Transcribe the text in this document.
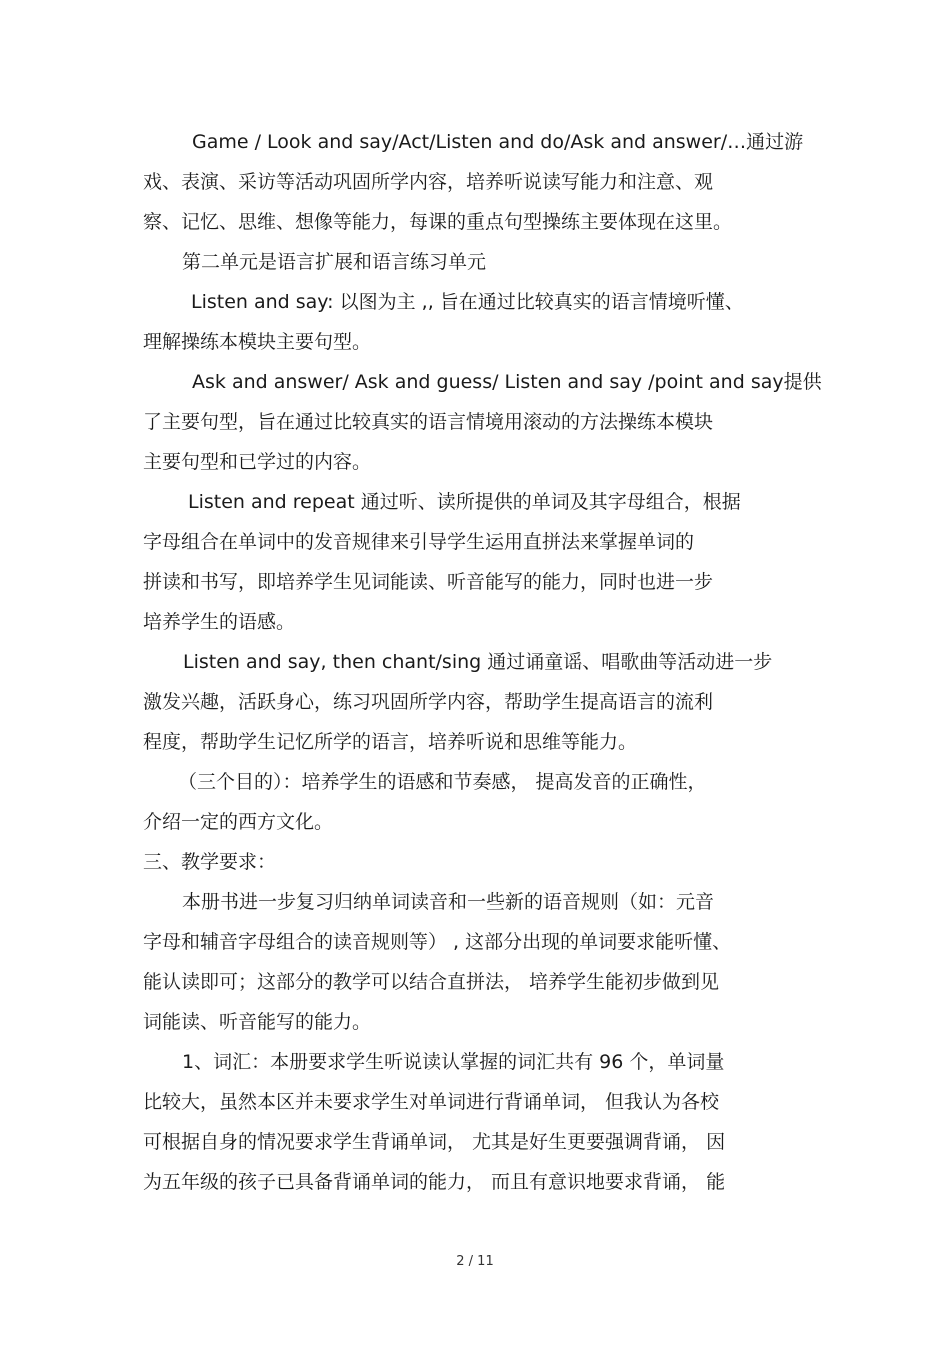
Game / Look and say/Act/Listen and do/Ask and answer/…通过游
戏、表演、采访等活动巩固所学内容，培养听说读写能力和注意、观
察、记忆、思维、想像等能力，每课的重点句型操练主要体现在这里。
第二单元是语言扩展和语言练习单元
Listen and say: 以图为主 ,, 旨在通过比较真实的语言情境听懂、
理解操练本模块主要句型。
Ask and answer/ Ask and guess/ Listen and say /point and say提供
了主要句型，旨在通过比较真实的语言情境用滚动的方法操练本模块
主要句型和已学过的内容。
Listen and repeat 通过听、读所提供的单词及其字母组合，根据
字母组合在单词中的发音规律来引导学生运用直拼法来掌握单词的
拼读和书写，即培养学生见词能读、听音能写的能力，同时也进一步
培养学生的语感。
Listen and say, then chant/sing 通过诵童谣、唱歌曲等活动进一步
激发兴趣，活跃身心，练习巩固所学内容，帮助学生提高语言的流利
程度，帮助学生记忆所学的语言，培养听说和思维等能力。
（三个目的）：培养学生的语感和节奏感， 提高发音的正确性，
介绍一定的西方文化。
三、教学要求：
本册书进一步复习归纳单词读音和一些新的语音规则（如：元音
字母和辅音字母组合的读音规则等） , 这部分出现的单词要求能听懂、
能认读即可；这部分的教学可以结合直拼法， 培养学生能初步做到见
词能读、听音能写的能力。
1、词汇：本册要求学生听说读认掌握的词汇共有 96 个，单词量
比较大，虽然本区并未要求学生对单词进行背诵单词， 但我认为各校
可根据自身的情况要求学生背诵单词， 尤其是好生更要强调背诵， 因
为五年级的孩子已具备背诵单词的能力， 而且有意识地要求背诵， 能
2 / 11
